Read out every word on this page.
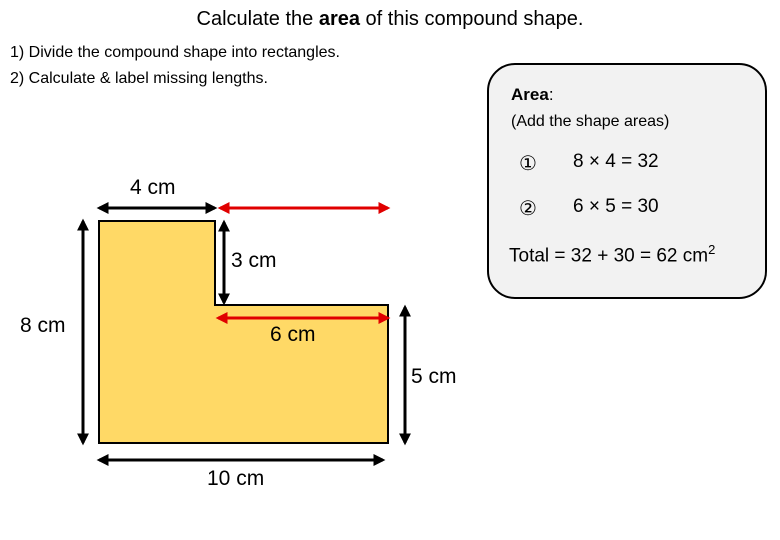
Calculate the area of this compound shape.
1) Divide the compound shape into rectangles.
2) Calculate & label missing lengths.
4 cm
3 cm
8 cm	6 cm
5 cm
10 cm
Area:
(Add the shape areas)
① 8 × 4 = 32
② 6 × 5 = 30
Total = 32 + 30 = 62 $cm^2$
